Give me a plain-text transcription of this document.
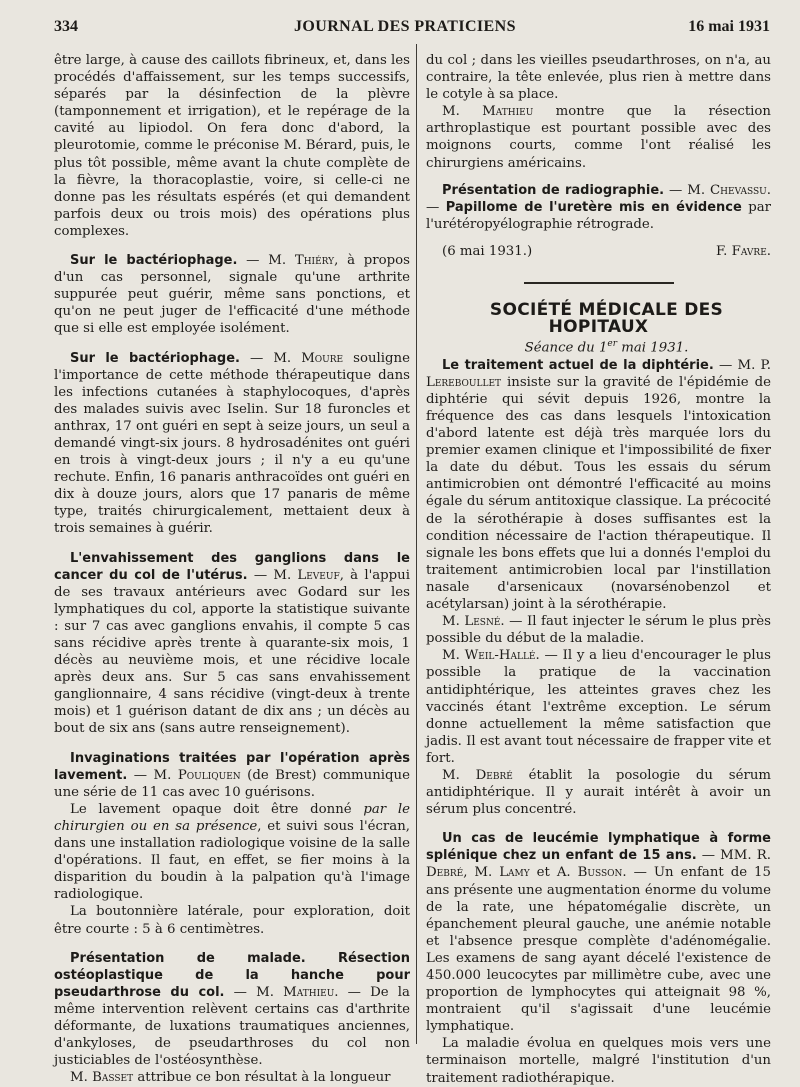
334	JOURNAL DES PRATICIENS	16 mai 1931

être large, à cause des caillots fibrineux, et, dans les procédés d'affaissement, sur les temps successifs, séparés par la désinfection de la plèvre (tamponnement et irrigation), et le repérage de la cavité au lipiodol. On fera donc d'abord, la pleurotomie, comme le préconise M. Bérard, puis, le plus tôt possible, même avant la chute complète de la fièvre, la thoracoplastie, voire, si celle-ci ne donne pas les résultats espérés (et qui demandent parfois deux ou trois mois) des opérations plus complexes.

Sur le bactériophage. — M. Thiéry, à propos d'un cas personnel, signale qu'une arthrite suppurée peut guérir, même sans ponctions, et qu'on ne peut juger de l'efficacité d'une méthode que si elle est employée isolément.

Sur le bactériophage. — M. Moure souligne l'importance de cette méthode thérapeutique dans les infections cutanées à staphylocoques, d'après des malades suivis avec Iselin. Sur 18 furoncles et anthrax, 17 ont guéri en sept à seize jours, un seul a demandé vingt-six jours. 8 hydrosadénites ont guéri en trois à vingt-deux jours ; il n'y a eu qu'une rechute. Enfin, 16 panaris anthracoïdes ont guéri en dix à douze jours, alors que 17 panaris de même type, traités chirurgicalement, mettaient deux à trois semaines à guérir.

L'envahissement des ganglions dans le cancer du col de l'utérus. — M. Leveuf, à l'appui de ses travaux antérieurs avec Godard sur les lymphatiques du col, apporte la statistique suivante : sur 7 cas avec ganglions envahis, il compte 5 cas sans récidive après trente à quarante-six mois, 1 décès au neuvième mois, et une récidive locale après deux ans. Sur 5 cas sans envahissement ganglionnaire, 4 sans récidive (vingt-deux à trente mois) et 1 guérison datant de dix ans ; un décès au bout de six ans (sans autre renseignement).

Invaginations traitées par l'opération après lavement. — M. Pouliquen (de Brest) communique une série de 11 cas avec 10 guérisons.

Le lavement opaque doit être donné par le chirurgien ou en sa présence, et suivi sous l'écran, dans une installation radiologique voisine de la salle d'opérations. Il faut, en effet, se fier moins à la disparition du boudin à la palpation qu'à l'image radiologique.

La boutonnière latérale, pour exploration, doit être courte : 5 à 6 centimètres.

Présentation de malade. Résection ostéoplastique de la hanche pour pseudarthrose du col. — M. Mathieu. — De la même intervention relèvent certains cas d'arthrite déformante, de luxations traumatiques anciennes, d'ankyloses, de pseudarthroses du col non justiciables de l'ostéosynthèse.

M. Basset attribue ce bon résultat à la longueur

du col ; dans les vieilles pseudarthroses, on n'a, au contraire, la tête enlevée, plus rien à mettre dans le cotyle à sa place.

M. Mathieu montre que la résection arthroplastique est pourtant possible avec des moignons courts, comme l'ont réalisé les chirurgiens américains.

Présentation de radiographie. — M. Chevassu. — Papillome de l'uretère mis en évidence par l'urétéropyélographie rétrograde.

(6 mai 1931.)	F. Favre.

SOCIÉTÉ MÉDICALE DES HOPITAUX

Séance du 1er mai 1931.

Le traitement actuel de la diphtérie. — M. P. Lereboullet insiste sur la gravité de l'épidémie de diphtérie qui sévit depuis 1926, montre la fréquence des cas dans lesquels l'intoxication d'abord latente est déjà très marquée lors du premier examen clinique et l'impossibilité de fixer la date du début. Tous les essais du sérum antimicrobien ont démontré l'efficacité au moins égale du sérum antitoxique classique. La précocité de la sérothérapie à doses suffisantes est la condition nécessaire de l'action thérapeutique. Il signale les bons effets que lui a donnés l'emploi du traitement antimicrobien local par l'instillation nasale d'arsenicaux (novarsénobenzol et acétylarsan) joint à la sérothérapie.

M. Lesné. — Il faut injecter le sérum le plus près possible du début de la maladie.

M. Weil-Hallé. — Il y a lieu d'encourager le plus possible la pratique de la vaccination antidiphtérique, les atteintes graves chez les vaccinés étant l'extrême exception. Le sérum donne actuellement la même satisfaction que jadis. Il est avant tout nécessaire de frapper vite et fort.

M. Debré établit la posologie du sérum antidiphtérique. Il y aurait intérêt à avoir un sérum plus concentré.

Un cas de leucémie lymphatique à forme splénique chez un enfant de 15 ans. — MM. R. Debré, M. Lamy et A. Busson. — Un enfant de 15 ans présente une augmentation énorme du volume de la rate, une hépatomégalie discrète, un épanchement pleural gauche, une anémie notable et l'absence presque complète d'adénomégalie. Les examens de sang ayant décelé l'existence de 450.000 leucocytes par millimètre cube, avec une proportion de lymphocytes qui atteignait 98 %, montraient qu'il s'agissait d'une leucémie lymphatique.

La maladie évolua en quelques mois vers une terminaison mortelle, malgré l'institution d'un traitement radiothérapique.
